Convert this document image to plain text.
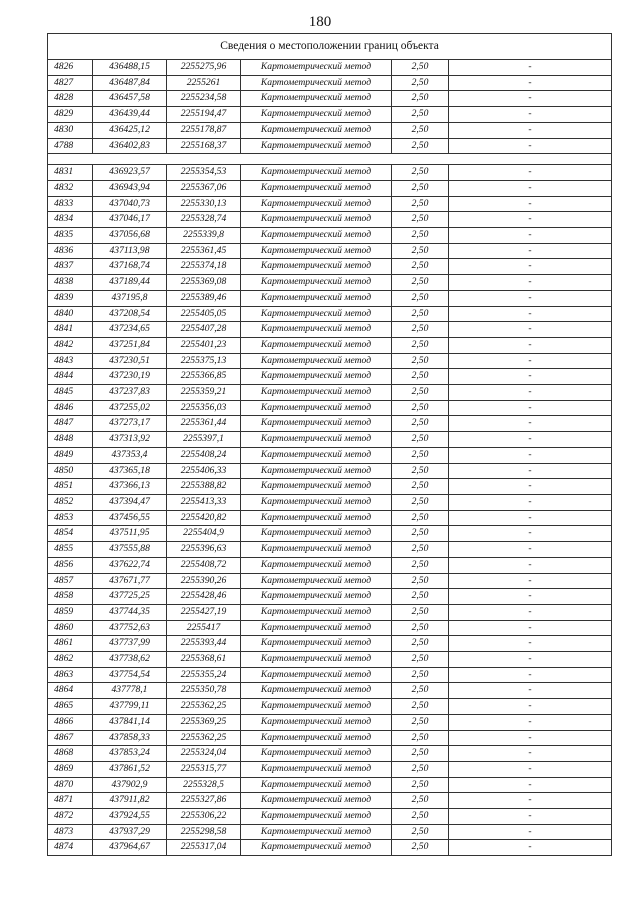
180
Сведения о местоположении границ объекта					
4826	436488,15	2255275,96	Картометрический метод	2,50	-
4827	436487,84	2255261	Картометрический метод	2,50	-
4828	436457,58	2255234,58	Картометрический метод	2,50	-
4829	436439,44	2255194,47	Картометрический метод	2,50	-
4830	436425,12	2255178,87	Картометрический метод	2,50	-
4788	436402,83	2255168,37	Картометрический метод	2,50	-

4831	436923,57	2255354,53	Картометрический метод	2,50	-
4832	436943,94	2255367,06	Картометрический метод	2,50	-
4833	437040,73	2255330,13	Картометрический метод	2,50	-
4834	437046,17	2255328,74	Картометрический метод	2,50	-
4835	437056,68	2255339,8	Картометрический метод	2,50	-
4836	437113,98	2255361,45	Картометрический метод	2,50	-
4837	437168,74	2255374,18	Картометрический метод	2,50	-
4838	437189,44	2255369,08	Картометрический метод	2,50	-
4839	437195,8	2255389,46	Картометрический метод	2,50	-
4840	437208,54	2255405,05	Картометрический метод	2,50	-
4841	437234,65	2255407,28	Картометрический метод	2,50	-
4842	437251,84	2255401,23	Картометрический метод	2,50	-
4843	437230,51	2255375,13	Картометрический метод	2,50	-
4844	437230,19	2255366,85	Картометрический метод	2,50	-
4845	437237,83	2255359,21	Картометрический метод	2,50	-
4846	437255,02	2255356,03	Картометрический метод	2,50	-
4847	437273,17	2255361,44	Картометрический метод	2,50	-
4848	437313,92	2255397,1	Картометрический метод	2,50	-
4849	437353,4	2255408,24	Картометрический метод	2,50	-
4850	437365,18	2255406,33	Картометрический метод	2,50	-
4851	437366,13	2255388,82	Картометрический метод	2,50	-
4852	437394,47	2255413,33	Картометрический метод	2,50	-
4853	437456,55	2255420,82	Картометрический метод	2,50	-
4854	437511,95	2255404,9	Картометрический метод	2,50	-
4855	437555,88	2255396,63	Картометрический метод	2,50	-
4856	437622,74	2255408,72	Картометрический метод	2,50	-
4857	437671,77	2255390,26	Картометрический метод	2,50	-
4858	437725,25	2255428,46	Картометрический метод	2,50	-
4859	437744,35	2255427,19	Картометрический метод	2,50	-
4860	437752,63	2255417	Картометрический метод	2,50	-
4861	437737,99	2255393,44	Картометрический метод	2,50	-
4862	437738,62	2255368,61	Картометрический метод	2,50	-
4863	437754,54	2255355,24	Картометрический метод	2,50	-
4864	437778,1	2255350,78	Картометрический метод	2,50	-
4865	437799,11	2255362,25	Картометрический метод	2,50	-
4866	437841,14	2255369,25	Картометрический метод	2,50	-
4867	437858,33	2255362,25	Картометрический метод	2,50	-
4868	437853,24	2255324,04	Картометрический метод	2,50	-
4869	437861,52	2255315,77	Картометрический метод	2,50	-
4870	437902,9	2255328,5	Картометрический метод	2,50	-
4871	437911,82	2255327,86	Картометрический метод	2,50	-
4872	437924,55	2255306,22	Картометрический метод	2,50	-
4873	437937,29	2255298,58	Картометрический метод	2,50	-
4874	437964,67	2255317,04	Картометрический метод	2,50	-
